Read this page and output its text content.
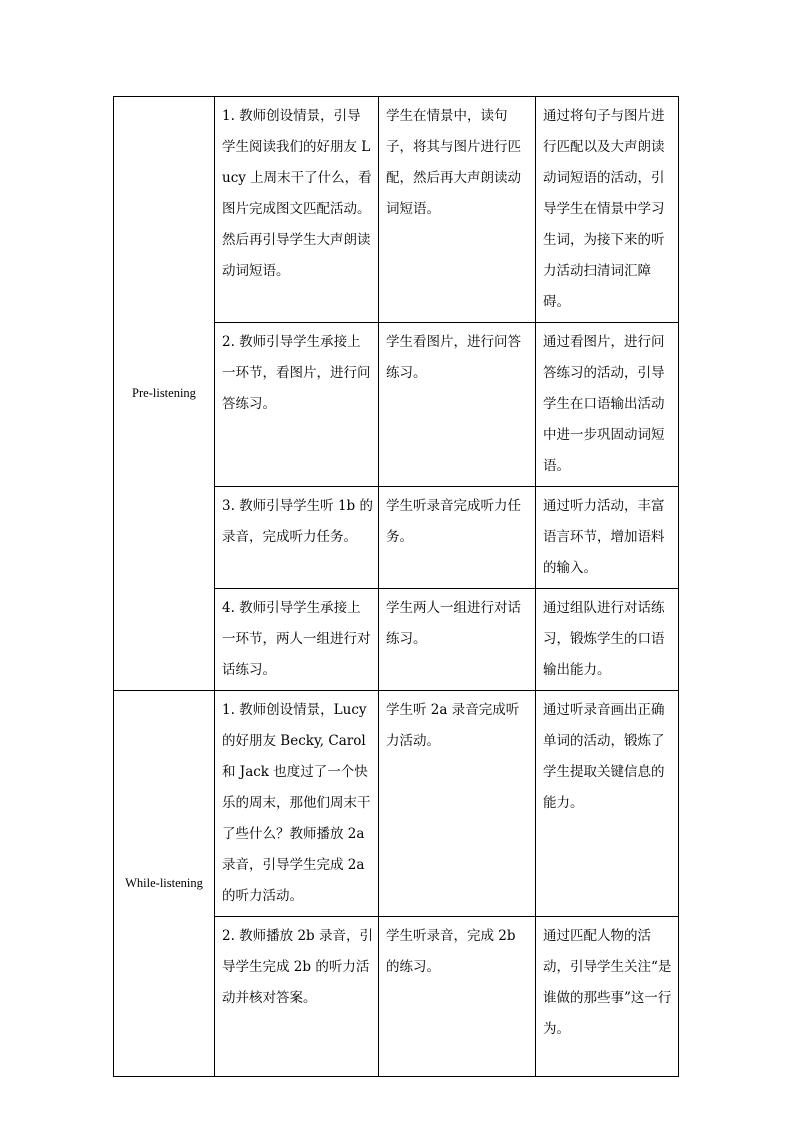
Pre-listening	1. 教师创设情景，引导学生阅读我们的好朋友 Lucy 上周末干了什么，看图片完成图文匹配活动。然后再引导学生大声朗读动词短语。	学生在情景中，读句子，将其与图片进行匹配，然后再大声朗读动词短语。	通过将句子与图片进行匹配以及大声朗读动词短语的活动，引导学生在情景中学习生词，为接下来的听力活动扫清词汇障碍。
	2. 教师引导学生承接上一环节，看图片，进行问答练习。	学生看图片，进行问答练习。	通过看图片，进行问答练习的活动，引导学生在口语输出活动中进一步巩固动词短语。
	3. 教师引导学生听 1b 的录音，完成听力任务。	学生听录音完成听力任务。	通过听力活动，丰富语言环节，增加语料的输入。
	4. 教师引导学生承接上一环节，两人一组进行对话练习。	学生两人一组进行对话练习。	通过组队进行对话练习，锻炼学生的口语输出能力。
While-listening	1. 教师创设情景，Lucy 的好朋友 Becky, Carol 和 Jack 也度过了一个快乐的周末，那他们周末干了些什么？教师播放 2a 录音，引导学生完成 2a 的听力活动。	学生听 2a 录音完成听力活动。	通过听录音画出正确单词的活动，锻炼了学生提取关键信息的能力。
	2. 教师播放 2b 录音，引导学生完成 2b 的听力活动并核对答案。	学生听录音，完成 2b 的练习。	通过匹配人物的活动，引导学生关注“是谁做的那些事”这一行为。
